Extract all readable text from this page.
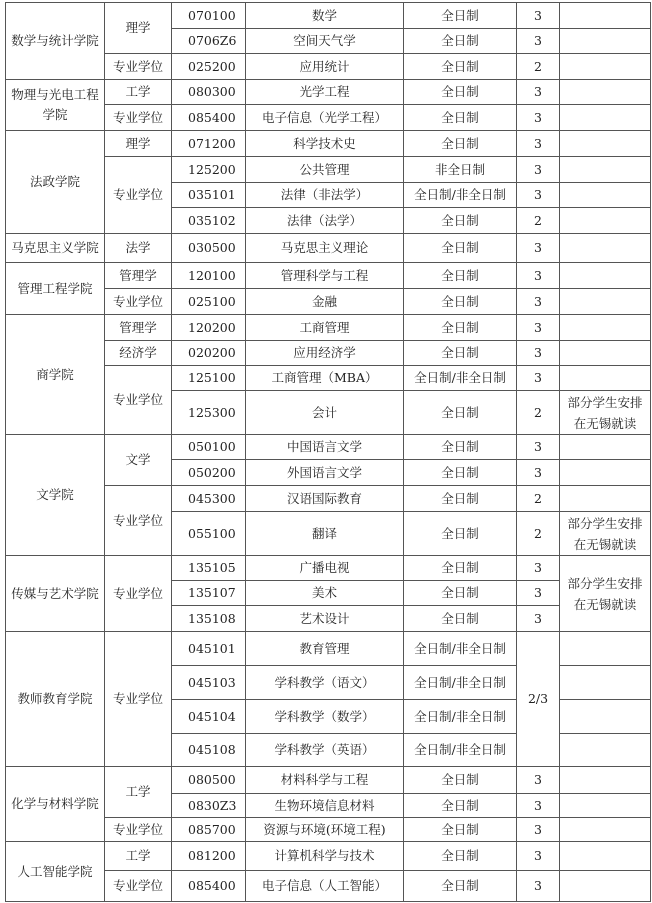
数学与统计学院	理学	070100	数学	全日制	3	
		0706Z6	空间天气学	全日制	3	
	专业学位	025200	应用统计	全日制	2	
物理与光电工程学院	工学	080300	光学工程	全日制	3	
	专业学位	085400	电子信息（光学工程）	全日制	3	
法政学院	理学	071200	科学技术史	全日制	3	
	专业学位	125200	公共管理	非全日制	3	
		035101	法律（非法学）	全日制/非全日制	3	
		035102	法律（法学）	全日制	2	
马克思主义学院	法学	030500	马克思主义理论	全日制	3	
管理工程学院	管理学	120100	管理科学与工程	全日制	3	
	专业学位	025100	金融	全日制	3	
商学院	管理学	120200	工商管理	全日制	3	
	经济学	020200	应用经济学	全日制	3	
	专业学位	125100	工商管理（MBA）	全日制/非全日制	3	
		125300	会计	全日制	2	部分学生安排在无锡就读
文学院	文学	050100	中国语言文学	全日制	3	
		050200	外国语言文学	全日制	3	
	专业学位	045300	汉语国际教育	全日制	2	
		055100	翻译	全日制	2	部分学生安排在无锡就读
传媒与艺术学院	专业学位	135105	广播电视	全日制	3	部分学生安排在无锡就读
		135107	美术	全日制	3	
		135108	艺术设计	全日制	3	
教师教育学院	专业学位	045101	教育管理	全日制/非全日制	2/3	
		045103	学科教学（语文）	全日制/非全日制		
		045104	学科教学（数学）	全日制/非全日制		
		045108	学科教学（英语）	全日制/非全日制		
化学与材料学院	工学	080500	材料科学与工程	全日制	3	
		0830Z3	生物环境信息材料	全日制	3	
	专业学位	085700	资源与环境(环境工程)	全日制	3	
人工智能学院	工学	081200	计算机科学与技术	全日制	3	
	专业学位	085400	电子信息（人工智能）	全日制	3	
